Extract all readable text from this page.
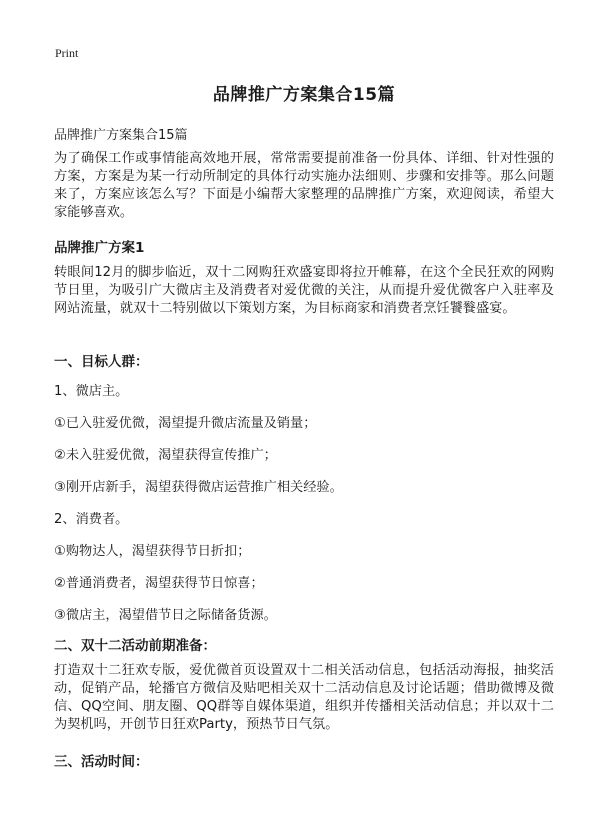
Print
品牌推广方案集合15篇
品牌推广方案集合15篇

为了确保工作或事情能高效地开展，常常需要提前准备一份具体、详细、针对性强的方案，方案是为某一行动所制定的具体行动实施办法细则、步骤和安排等。那么问题来了，方案应该怎么写？下面是小编帮大家整理的品牌推广方案，欢迎阅读，希望大家能够喜欢。

品牌推广方案1

转眼间12月的脚步临近，双十二网购狂欢盛宴即将拉开帷幕，在这个全民狂欢的网购节日里，为吸引广大微店主及消费者对爱优微的关注，从而提升爱优微客户入驻率及网站流量，就双十二特别做以下策划方案，为目标商家和消费者烹饪饕餮盛宴。

一、目标人群：
1、微店主。
①已入驻爱优微，渴望提升微店流量及销量；
②未入驻爱优微，渴望获得宣传推广；
③刚开店新手，渴望获得微店运营推广相关经验。
2、消费者。
①购物达人，渴望获得节日折扣；
②普通消费者，渴望获得节日惊喜；
③微店主，渴望借节日之际储备货源。
二、双十二活动前期准备：

打造双十二狂欢专版，爱优微首页设置双十二相关活动信息，包括活动海报，抽奖活动，促销产品，轮播官方微信及贴吧相关双十二活动信息及讨论话题；借助微博及微信、QQ空间、朋友圈、QQ群等自媒体渠道，组织并传播相关活动信息；并以双十二为契机吗，开创节日狂欢Party，预热节日气氛。

三、活动时间：
